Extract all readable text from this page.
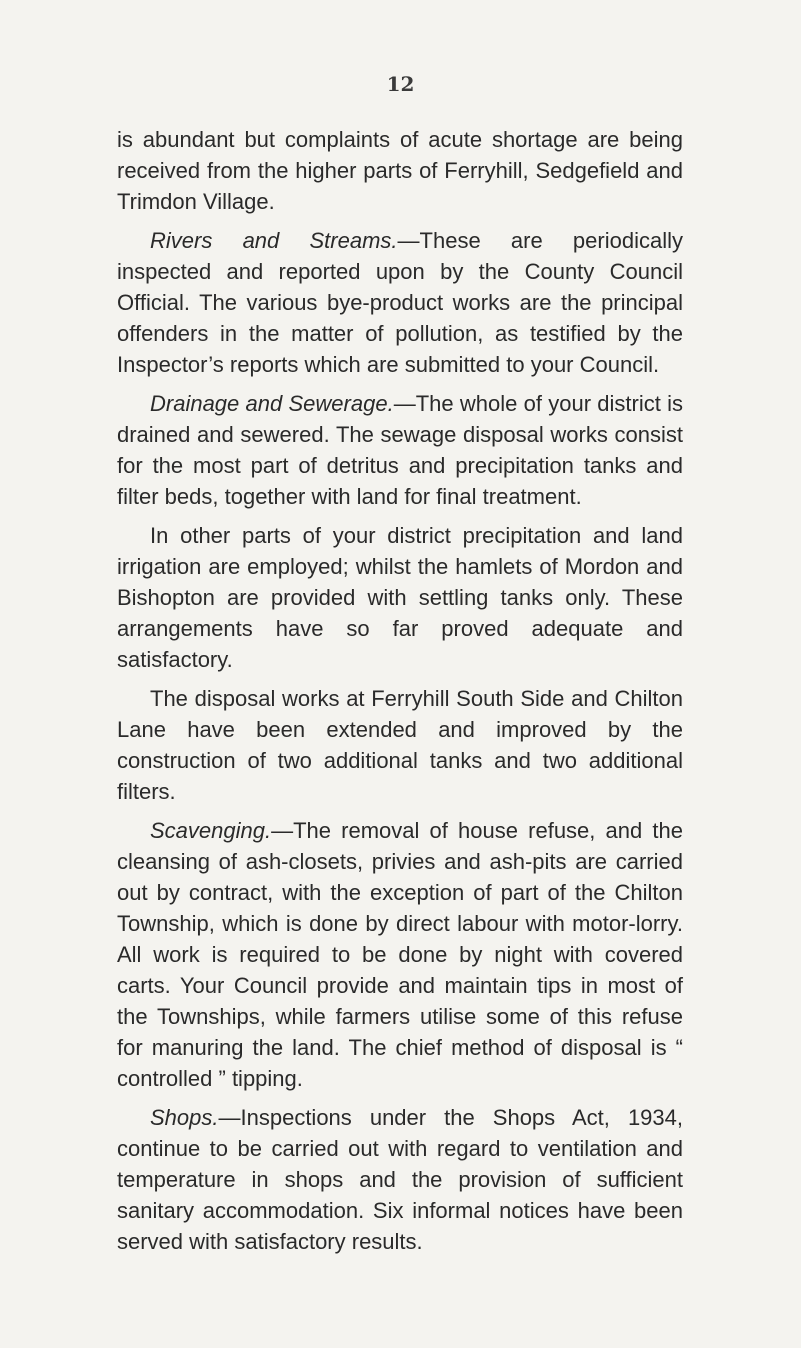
12

is abundant but complaints of acute shortage are being received from the higher parts of Ferryhill, Sedgefield and Trimdon Village.

Rivers and Streams.—These are periodically inspected and reported upon by the County Council Official. The various bye-product works are the principal offenders in the matter of pollution, as testified by the Inspector’s reports which are submitted to your Council.

Drainage and Sewerage.—The whole of your district is drained and sewered. The sewage disposal works consist for the most part of detritus and precipitation tanks and filter beds, together with land for final treatment.

In other parts of your district precipitation and land irrigation are employed; whilst the hamlets of Mordon and Bishopton are provided with settling tanks only. These arrangements have so far proved adequate and satisfactory.

The disposal works at Ferryhill South Side and Chilton Lane have been extended and improved by the construction of two additional tanks and two additional filters.

Scavenging.—The removal of house refuse, and the cleansing of ash-closets, privies and ash-pits are carried out by contract, with the exception of part of the Chilton Township, which is done by direct labour with motor-lorry. All work is required to be done by night with covered carts. Your Council provide and maintain tips in most of the Townships, while farmers utilise some of this refuse for manuring the land. The chief method of disposal is “ controlled ” tipping.

Shops.—Inspections under the Shops Act, 1934, continue to be carried out with regard to ventilation and temperature in shops and the provision of sufficient sanitary accommodation. Six informal notices have been served with satisfactory results.
